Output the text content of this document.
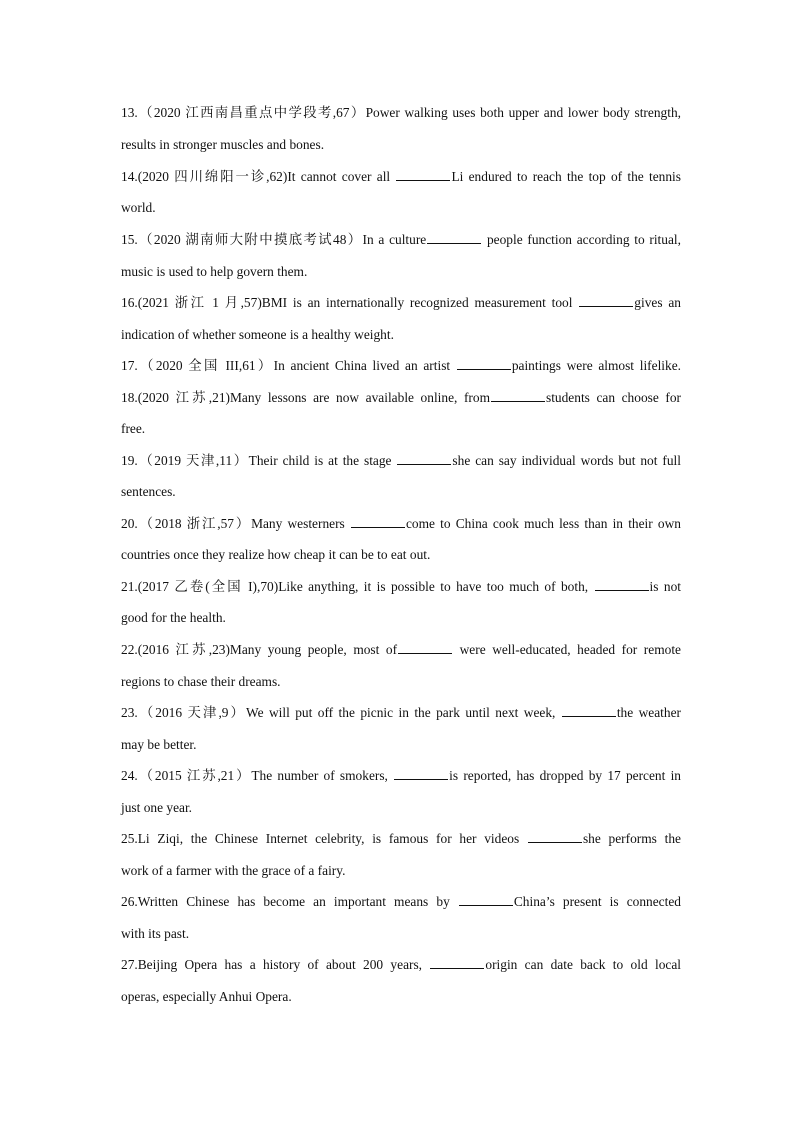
13.（2020 江西南昌重点中学段考,67）Power walking uses both upper and lower body strength,
results in stronger muscles and bones.
14.(2020 四川绵阳一诊,62)It cannot cover all	Li endured to reach the top of the tennis
world.
15.（2020 湖南师大附中摸底考试48）In a culture	people function according to ritual,
music is used to help govern them.
16.(2021 浙江 1 月,57)BMI is an internationally recognized measurement tool	gives an
indication of whether someone is a healthy weight.
17.（2020 全国 III,61）In ancient China lived an artist	paintings were almost lifelike.
18.(2020 江苏,21)Many lessons are now available online, from	students can choose for
free.
19.（2019 天津,11）Their child is at the stage	she can say individual words but not full
sentences.
20.（2018 浙江,57）Many westerners	come to China cook much less than in their own
countries once they realize how cheap it can be to eat out.
21.(2017 乙卷(全国 I),70)Like anything, it is possible to have too much of both,	is not
good for the health.
22.(2016 江苏,23)Many young people, most of	were well-educated, headed for remote
regions to chase their dreams.
23.（2016 天津,9）We will put off the picnic in the park until next week,	the weather
may be better.
24.（2015 江苏,21）The number of smokers,	is reported, has dropped by 17 percent in
just one year.
25.Li Ziqi, the Chinese Internet celebrity, is famous for her videos	she performs the
work of a farmer with the grace of a fairy.
26.Written Chinese has become an important means by	China’s present is connected
with its past.
27.Beijing Opera has a history of about 200 years,	origin can date back to old local
operas, especially Anhui Opera.
